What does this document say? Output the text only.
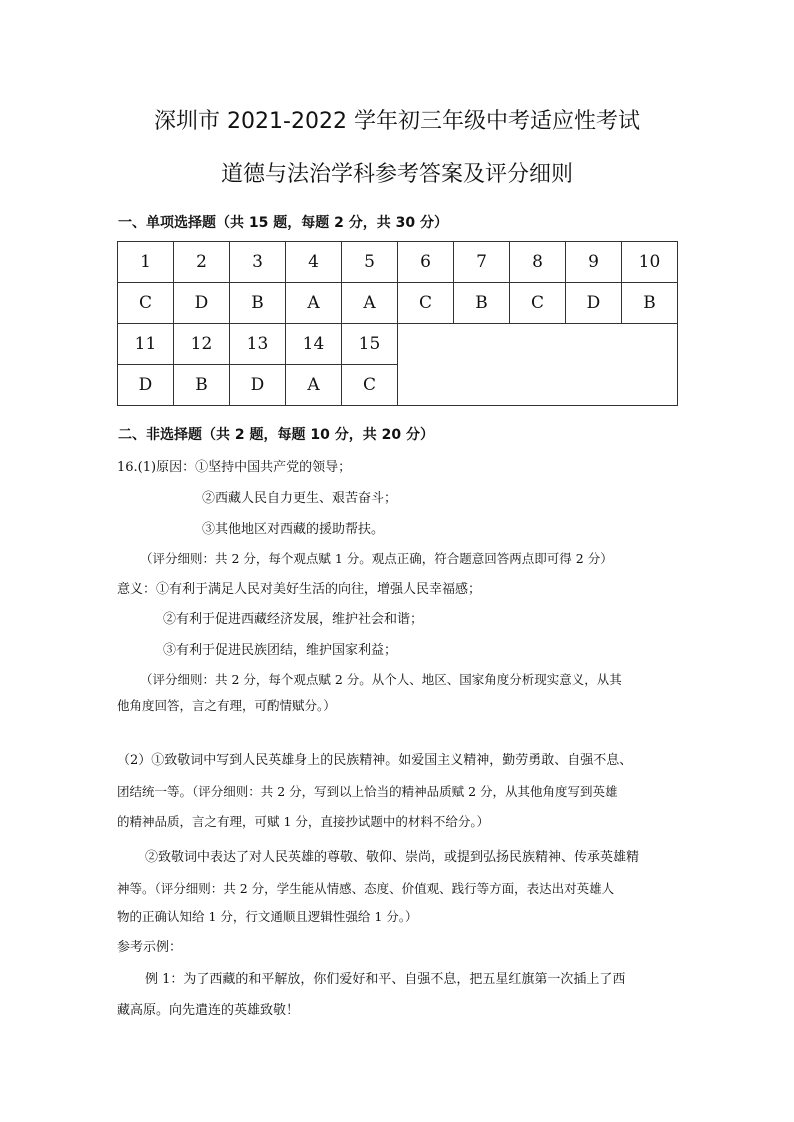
深圳市 2021-2022 学年初三年级中考适应性考试
道德与法治学科参考答案及评分细则
一、单项选择题（共 15 题，每题 2 分，共 30 分）
1	2	3	4	5	6	7	8	9	10
C	D	B	A	A	C	B	C	D	B
11	12	13	14	15					
D	B	D	A	C					
二、非选择题（共 2 题，每题 10 分，共 20 分）
16.(1)原因：①坚持中国共产党的领导；
②西藏人民自力更生、艰苦奋斗；
③其他地区对西藏的援助帮扶。
（评分细则：共 2 分，每个观点赋 1 分。观点正确，符合题意回答两点即可得 2 分）
意义：①有利于满足人民对美好生活的向往，增强人民幸福感；
②有利于促进西藏经济发展，维护社会和谐；
③有利于促进民族团结，维护国家利益；
（评分细则：共 2 分，每个观点赋 2 分。从个人、地区、国家角度分析现实意义，从其
他角度回答，言之有理，可酌情赋分。）
（2）①致敬词中写到人民英雄身上的民族精神。如爱国主义精神，勤劳勇敢、自强不息、
团结统一等。（评分细则：共 2 分，写到以上恰当的精神品质赋 2 分，从其他角度写到英雄
的精神品质，言之有理，可赋 1 分，直接抄试题中的材料不给分。）
②致敬词中表达了对人民英雄的尊敬、敬仰、崇尚，或提到弘扬民族精神、传承英雄精
神等。（评分细则：共 2 分，学生能从情感、态度、价值观、践行等方面，表达出对英雄人
物的正确认知给 1 分，行文通顺且逻辑性强给 1 分。）
参考示例：
例 1：为了西藏的和平解放，你们爱好和平、自强不息，把五星红旗第一次插上了西
藏高原。向先遣连的英雄致敬！
